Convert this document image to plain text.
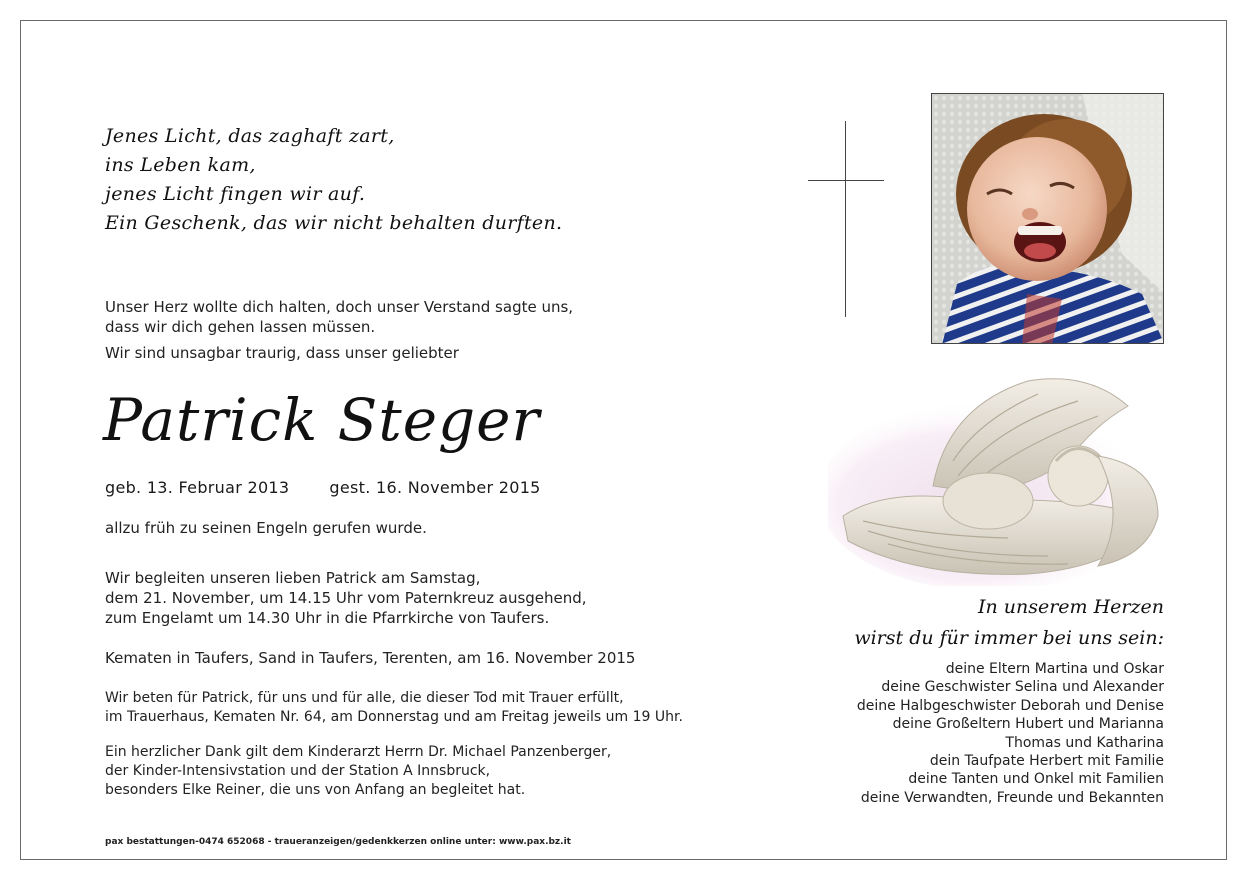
Jenes Licht, das zaghaft zart,
ins Leben kam,
jenes Licht fingen wir auf.
Ein Geschenk, das wir nicht behalten durften.
Unser Herz wollte dich halten, doch unser Verstand sagte uns,
dass wir dich gehen lassen müssen.
Wir sind unsagbar traurig, dass unser geliebter
Patrick Steger
geb. 13. Februar 2013	gest. 16. November 2015
allzu früh zu seinen Engeln gerufen wurde.
Wir begleiten unseren lieben Patrick am Samstag,
dem 21. November, um 14.15 Uhr vom Paternkreuz ausgehend,
zum Engelamt um 14.30 Uhr in die Pfarrkirche von Taufers.
Kematen in Taufers, Sand in Taufers, Terenten, am 16. November 2015
Wir beten für Patrick, für uns und für alle, die dieser Tod mit Trauer erfüllt,
im Trauerhaus, Kematen Nr. 64, am Donnerstag und am Freitag jeweils um 19 Uhr.
Ein herzlicher Dank gilt dem Kinderarzt Herrn Dr. Michael Panzenberger,
der Kinder-Intensivstation und der Station A Innsbruck,
besonders Elke Reiner, die uns von Anfang an begleitet hat.
In unserem Herzen
wirst du für immer bei uns sein:
deine Eltern Martina und Oskar
deine Geschwister Selina und Alexander
deine Halbgeschwister Deborah und Denise
deine Großeltern Hubert und Marianna
Thomas und Katharina
dein Taufpate Herbert mit Familie
deine Tanten und Onkel mit Familien
deine Verwandten, Freunde und Bekannten
pax bestattungen-0474 652068 - traueranzeigen/gedenkkerzen online unter: www.pax.bz.it
